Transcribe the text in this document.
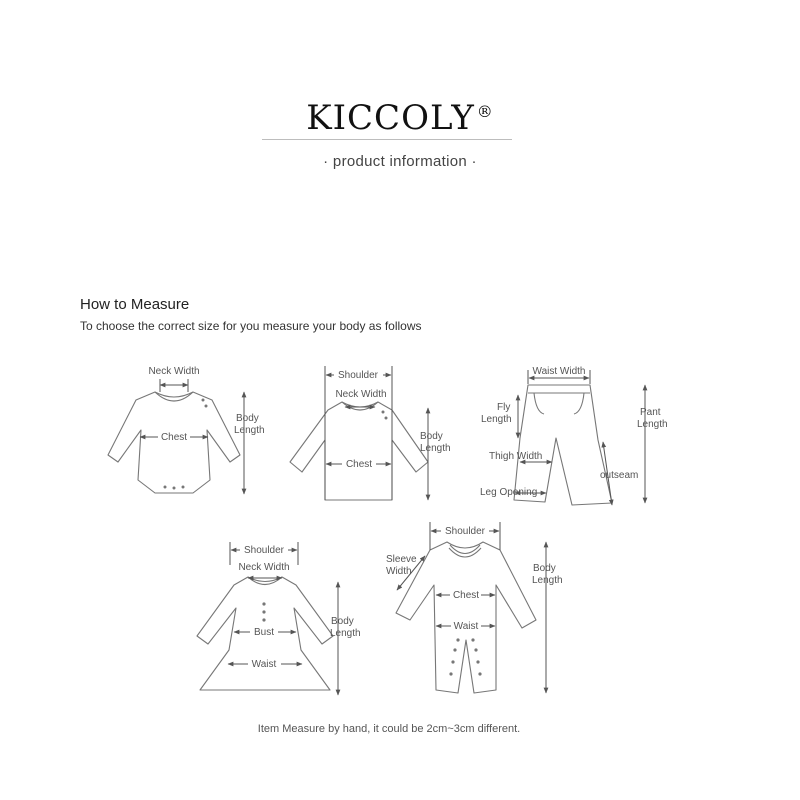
KICCOLY ®
· product information ·
How to Measure
To choose the correct size for you measure your body as follows
Neck Width
Chest
Body
Length
Shoulder
Neck Width
Chest
Body
Length
Waist Width
Fly
Length
Pant
Length
Thigh Width
outseam
Leg Opening
Shoulder
Neck Width
Bust
Waist
Body
Length
Shoulder
Sleeve
Width
Chest
Waist
Body
Length
Item Measure by hand, it could be 2cm~3cm different.
